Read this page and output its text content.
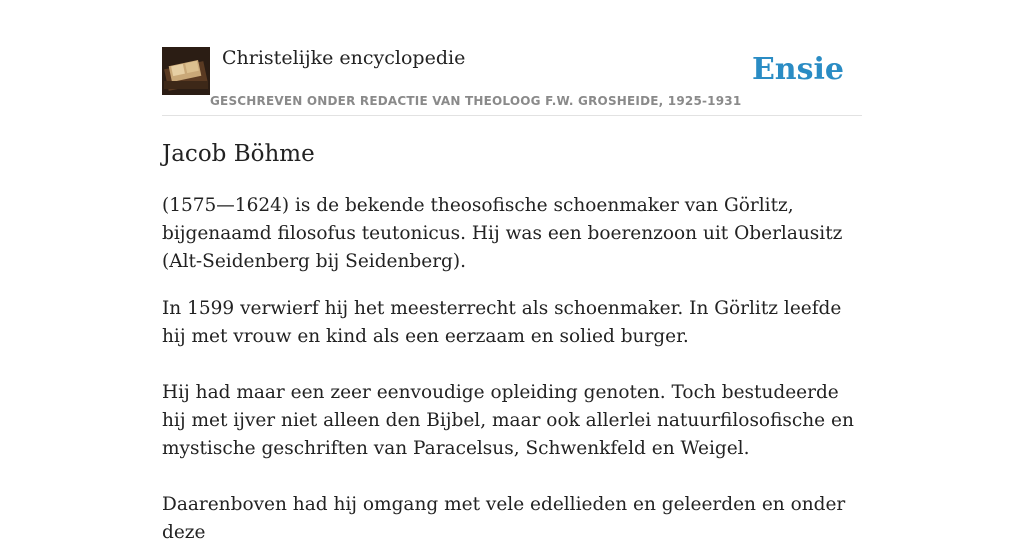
Christelijke encyclopedie
GESCHREVEN ONDER REDACTIE VAN THEOLOOG F.W. GROSHEIDE, 1925-1931
Ensie
Jacob Böhme

(1575—1624) is de bekende theosofische schoenmaker van Görlitz, bijgenaamd filosofus teutonicus. Hij was een boerenzoon uit Oberlausitz (Alt-Seidenberg bij Seidenberg).

In 1599 verwierf hij het meesterrecht als schoenmaker. In Görlitz leefde hij met vrouw en kind als een eerzaam en solied burger.

Hij had maar een zeer eenvoudige opleiding genoten. Toch bestudeerde hij met ijver niet alleen den Bijbel, maar ook allerlei natuurfilosofische en mystische geschriften van Paracelsus, Schwenkfeld en Weigel.

Daarenboven had hij omgang met vele edellieden en geleerden en onder deze
